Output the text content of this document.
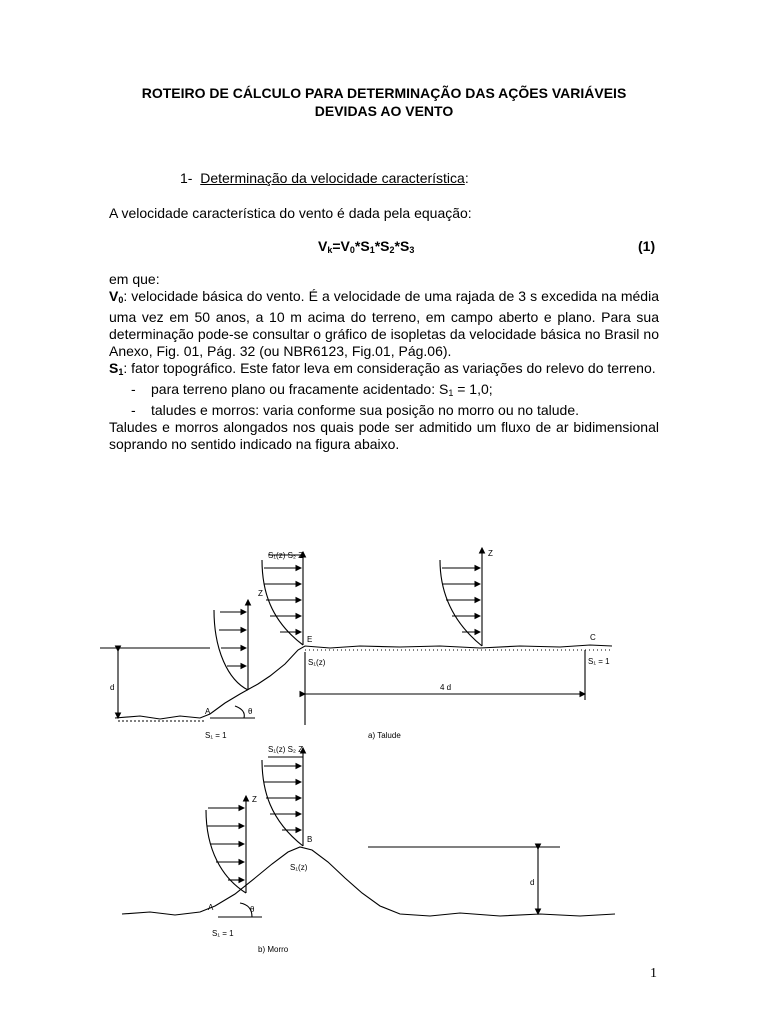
ROTEIRO DE CÁLCULO PARA DETERMINAÇÃO DAS AÇÕES VARIÁVEIS
DEVIDAS AO VENTO
1- Determinação da velocidade característica:
A velocidade característica do vento é dada pela equação:
$V_k=V_0*S_1*S_2*S_3$	(1)
em que:
$V_0$: velocidade básica do vento. É a velocidade de uma rajada de 3 s excedida na média uma vez em 50 anos, a 10 m acima do terreno, em campo aberto e plano. Para sua determinação pode-se consultar o gráfico de isopletas da velocidade básica no Brasil no Anexo, Fig. 01, Pág. 32 (ou NBR6123, Fig.01, Pág.06).
$S_1$: fator topográfico. Este fator leva em consideração as variações do relevo do terreno.
- para terreno plano ou fracamente acidentado: $S_1 = 1,0$;
- taludes e morros: varia conforme sua posição no morro ou no talude.
Taludes e morros alongados nos quais pode ser admitido um fluxo de ar bidimensional soprando no sentido indicado na figura abaixo.
S₁(z) S₂ Z
Z
Z
E	C
A
d
θ
S₁(z)
S₁ = 1
S₁ = 1
4 d
a) Talude
S₁(z) S₂ Z
Z
B
A
d
θ
S₁(z)
S₁ = 1
b) Morro
1
